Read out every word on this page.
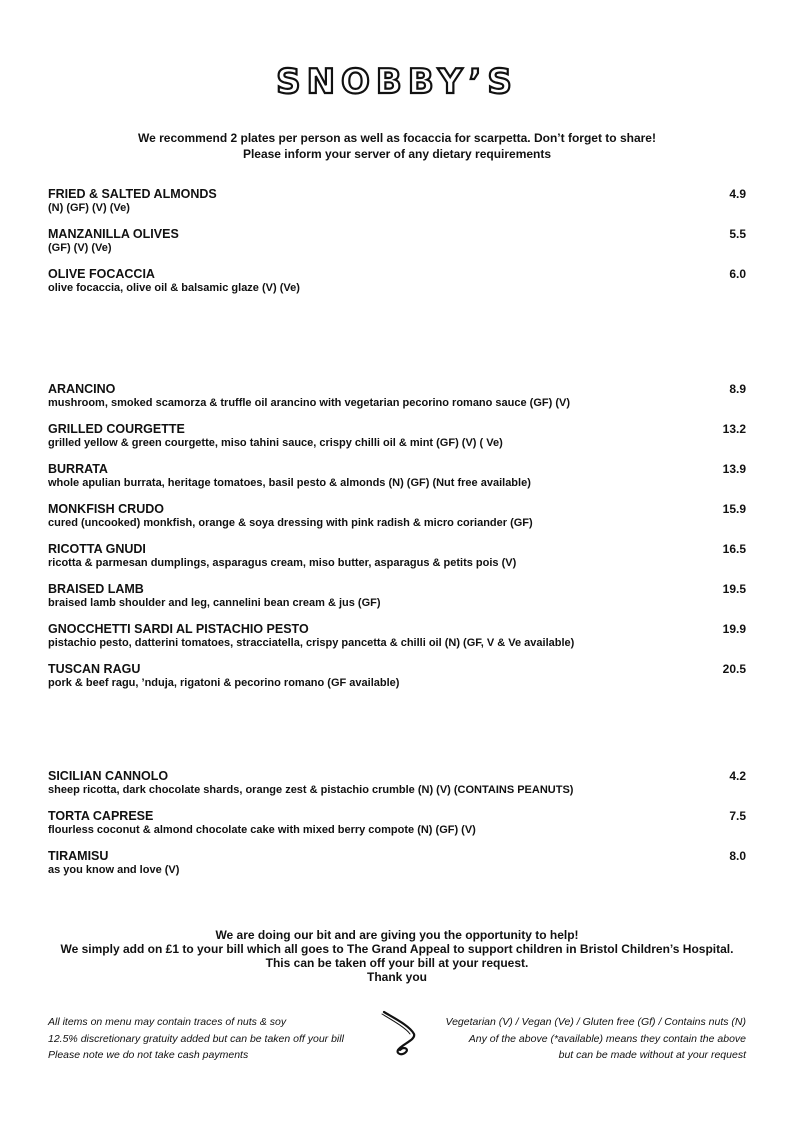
SNOBBY’S
We recommend 2 plates per person as well as focaccia for scarpetta. Don’t forget to share!
Please inform your server of any dietary requirements
FRIED & SALTED ALMONDS	4.9
(N) (GF) (V) (Ve)
MANZANILLA OLIVES	5.5
(GF) (V) (Ve)
OLIVE FOCACCIA	6.0
olive focaccia, olive oil & balsamic glaze (V) (Ve)
ARANCINO	8.9
mushroom, smoked scamorza & truffle oil arancino with vegetarian pecorino romano sauce (GF) (V)
GRILLED COURGETTE	13.2
grilled yellow & green courgette, miso tahini sauce, crispy chilli oil & mint (GF) (V) ( Ve)
BURRATA	13.9
whole apulian burrata, heritage tomatoes, basil pesto & almonds (N) (GF) (Nut free available)
MONKFISH CRUDO	15.9
cured (uncooked) monkfish, orange & soya dressing with pink radish & micro coriander (GF)
RICOTTA GNUDI	16.5
ricotta & parmesan dumplings, asparagus cream, miso butter, asparagus & petits pois (V)
BRAISED LAMB	19.5
braised lamb shoulder and leg, cannelini bean cream & jus (GF)
GNOCCHETTI SARDI AL PISTACHIO PESTO	19.9
pistachio pesto, datterini tomatoes, stracciatella, crispy pancetta & chilli oil (N) (GF, V & Ve available)
TUSCAN RAGU	20.5
pork & beef ragu, ’nduja, rigatoni & pecorino romano (GF available)
SICILIAN CANNOLO	4.2
sheep ricotta, dark chocolate shards, orange zest & pistachio crumble (N) (V) (CONTAINS PEANUTS)
TORTA CAPRESE	7.5
flourless coconut & almond chocolate cake with mixed berry compote (N) (GF) (V)
TIRAMISU	8.0
as you know and love (V)
We are doing our bit and are giving you the opportunity to help!
We simply add on £1 to your bill which all goes to The Grand Appeal to support children in Bristol Children’s Hospital.
This can be taken off your bill at your request.
Thank you
All items on menu may contain traces of nuts & soy
12.5% discretionary gratuity added but can be taken off your bill
Please note we do not take cash payments
Vegetarian (V) / Vegan (Ve) / Gluten free (Gf) / Contains nuts (N)
Any of the above (*available) means they contain the above
but can be made without at your request
